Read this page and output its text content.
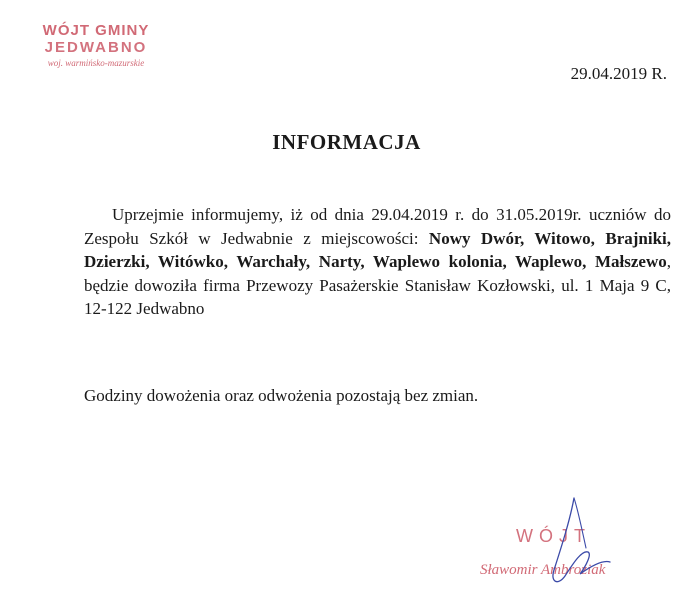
WÓJT GMINY
JEDWABNO
woj. warmińsko-mazurskie
29.04.2019 R.
INFORMACJA
Uprzejmie informujemy, iż od dnia 29.04.2019 r. do 31.05.2019r. uczniów do Zespołu Szkół w Jedwabnie z miejscowości: Nowy Dwór, Witowo, Brajniki, Dzierzki, Witówko, Warchały, Narty, Waplewo kolonia, Waplewo, Małszewo, będzie dowoziła firma Przewozy Pasażerskie Stanisław Kozłowski, ul. 1 Maja 9 C, 12-122 Jedwabno
Godziny dowożenia oraz odwożenia pozostają bez zmian.
WÓJT
Sławomir Ambroziak
